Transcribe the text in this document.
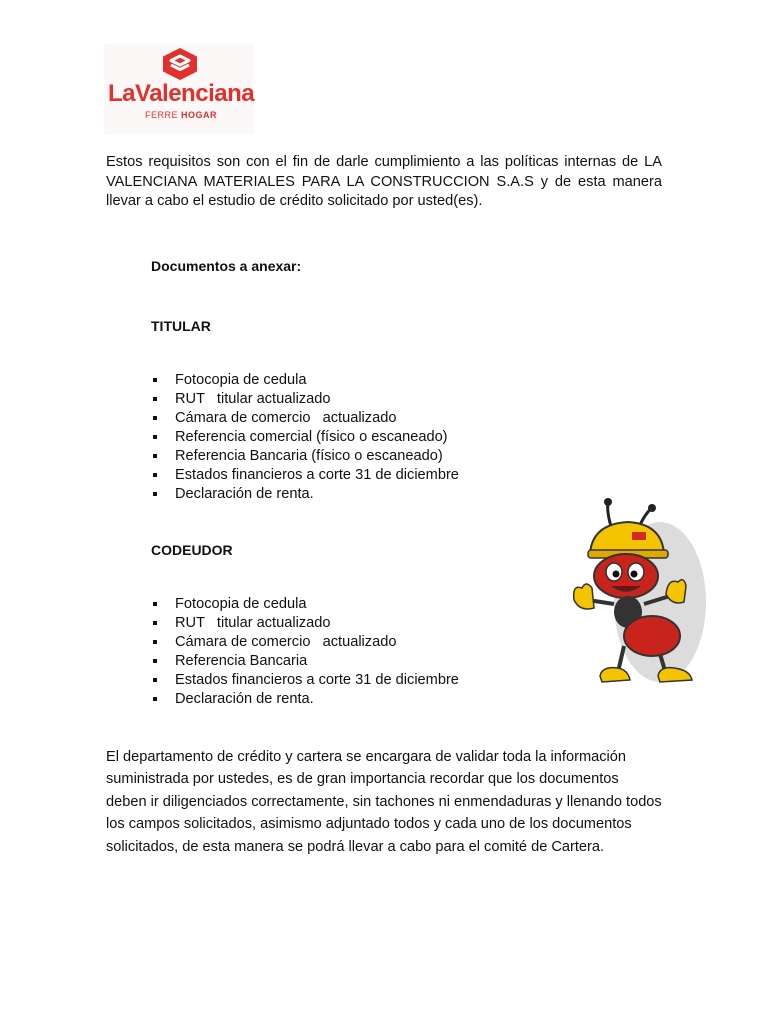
LaValenciana
FERRE HOGAR

Estos requisitos son con el fin de darle cumplimiento a las políticas internas de LA VALENCIANA MATERIALES PARA LA CONSTRUCCION S.A.S y de esta manera llevar a cabo el estudio de crédito solicitado por usted(es).

Documentos a anexar:
TITULAR
Fotocopia de cedula
RUT   titular actualizado
Cámara de comercio   actualizado
Referencia comercial (físico o escaneado)
Referencia Bancaria (físico o escaneado)
Estados financieros a corte 31 de diciembre
Declaración de renta.
CODEUDOR
Fotocopia de cedula
RUT   titular actualizado
Cámara de comercio   actualizado
Referencia Bancaria
Estados financieros a corte 31 de diciembre
Declaración de renta.

El departamento de crédito y cartera se encargara de validar toda la información suministrada por ustedes, es de gran importancia recordar que los documentos deben ir diligenciados correctamente, sin tachones ni enmendaduras y llenando todos los campos solicitados, asimismo adjuntado todos y cada uno de los documentos solicitados, de esta manera se podrá llevar a cabo para el comité de Cartera.
